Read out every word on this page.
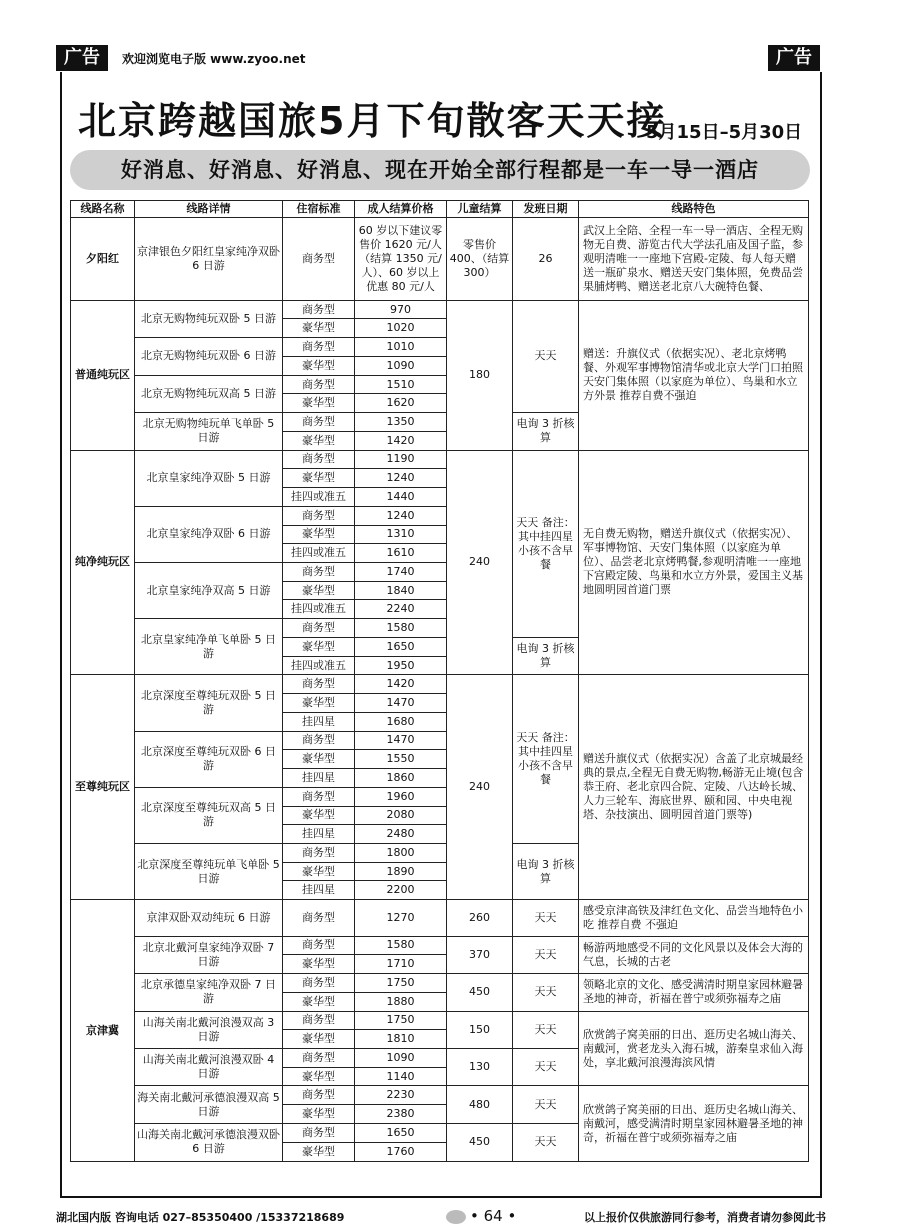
广告	欢迎浏览电子版 www.zyoo.net	广告
北京跨越国旅5月下旬散客天天接
5月15日–5月30日
好消息、好消息、好消息、现在开始全部行程都是一车一导一酒店
线路名称	线路详情	住宿标准	成人结算价格	儿童结算	发班日期	线路特色
夕阳红	京津银色夕阳红皇家纯净双卧 6 日游	商务型	60 岁以下建议零售价 1620 元/人（结算 1350 元/人）、60 岁以上优惠 80 元/人	零售价 400、（结算 300）	26	武汉上全陪、全程一车一导一酒店、全程无购物无自费、游览古代大学法孔庙及国子监，参观明清唯一一座地下宫殿-定陵、每人每天赠送一瓶矿泉水、赠送天安门集体照，免费品尝果脯烤鸭、赠送老北京八大碗特色餐、
普通纯玩区	北京无购物纯玩双卧 5 日游	商务型	970	180	天天	赠送：升旗仪式（依据实况）、老北京烤鸭餐、外观军事博物馆清华或北京大学门口拍照 天安门集体照（以家庭为单位）、鸟巢和水立方外景 推荐自费不强迫
		豪华型	1020			
	北京无购物纯玩双卧 6 日游	商务型	1010			
		豪华型	1090			
	北京无购物纯玩双高 5 日游	商务型	1510			
		豪华型	1620			
	北京无购物纯玩单飞单卧 5 日游	商务型	1350		电询 3 折核算	
		豪华型	1420			
纯净纯玩区	北京皇家纯净双卧 5 日游	商务型	1190	240	天天 备注：其中挂四星小孩不含早餐	无自费无购物，赠送升旗仪式（依据实况）、军事博物馆、天安门集体照（以家庭为单位）、品尝老北京烤鸭餐,参观明清唯一一座地下宫殿定陵、鸟巢和水立方外景，爱国主义基地圆明园首道门票
		豪华型	1240			
		挂四或准五	1440			
	北京皇家纯净双卧 6 日游	商务型	1240			
		豪华型	1310			
		挂四或准五	1610			
	北京皇家纯净双高 5 日游	商务型	1740			
		豪华型	1840			
		挂四或准五	2240			
	北京皇家纯净单飞单卧 5 日游	商务型	1580			
		豪华型	1650		电询 3 折核算	
		挂四或准五	1950			
至尊纯玩区	北京深度至尊纯玩双卧 5 日游	商务型	1420	240	天天 备注：其中挂四星小孩不含早餐	赠送升旗仪式（依据实况）含盖了北京城最经典的景点,全程无自费无购物,畅游无止境(包含恭王府、老北京四合院、定陵、八达岭长城、人力三轮车、海底世界、颐和园、中央电视塔、杂技演出、圆明园首道门票等)
		豪华型	1470			
		挂四星	1680			
	北京深度至尊纯玩双卧 6 日游	商务型	1470			
		豪华型	1550			
		挂四星	1860			
	北京深度至尊纯玩双高 5 日游	商务型	1960			
		豪华型	2080			
		挂四星	2480			
	北京深度至尊纯玩单飞单卧 5 日游	商务型	1800		电询 3 折核算	
		豪华型	1890			
		挂四星	2200			
京津冀	京津双卧双动纯玩 6 日游	商务型	1270	260	天天	感受京津高铁及津红色文化、品尝当地特色小吃 推荐自费 不强迫

	北京北戴河皇家纯净双卧 7 日游	商务型	1580	370	天天	畅游两地感受不同的文化风景以及体会大海的气息，长城的古老
		豪华型	1710			
	北京承德皇家纯净双卧 7 日游	商务型	1750	450	天天	领略北京的文化、感受满清时期皇家园林避暑圣地的神奇，祈福在普宁或须弥福寿之庙
		豪华型	1880			

	山海关南北戴河浪漫双高 3 日游	商务型	1750	150	天天	欣赏鸽子窝美丽的日出、逛历史名城山海关、南戴河，赏老龙头入海石城，游秦皇求仙入海处，享北戴河浪漫海滨风情
		豪华型	1810			
	山海关南北戴河浪漫双卧 4 日游	商务型	1090	130	天天	
		豪华型	1140			
	海关南北戴河承德浪漫双高 5 日游	商务型	2230	480	天天	欣赏鸽子窝美丽的日出、逛历史名城山海关、南戴河，感受满清时期皇家园林避暑圣地的神奇，祈福在普宁或须弥福寿之庙
		豪华型	2380			
	山海关南北戴河承德浪漫双卧 6 日游	商务型	1650	450	天天	
		豪华型	1760			
湖北国内版 咨询电话 027–85350400 /15337218689	• 64 •	以上报价仅供旅游同行参考，消费者请勿参阅此书
